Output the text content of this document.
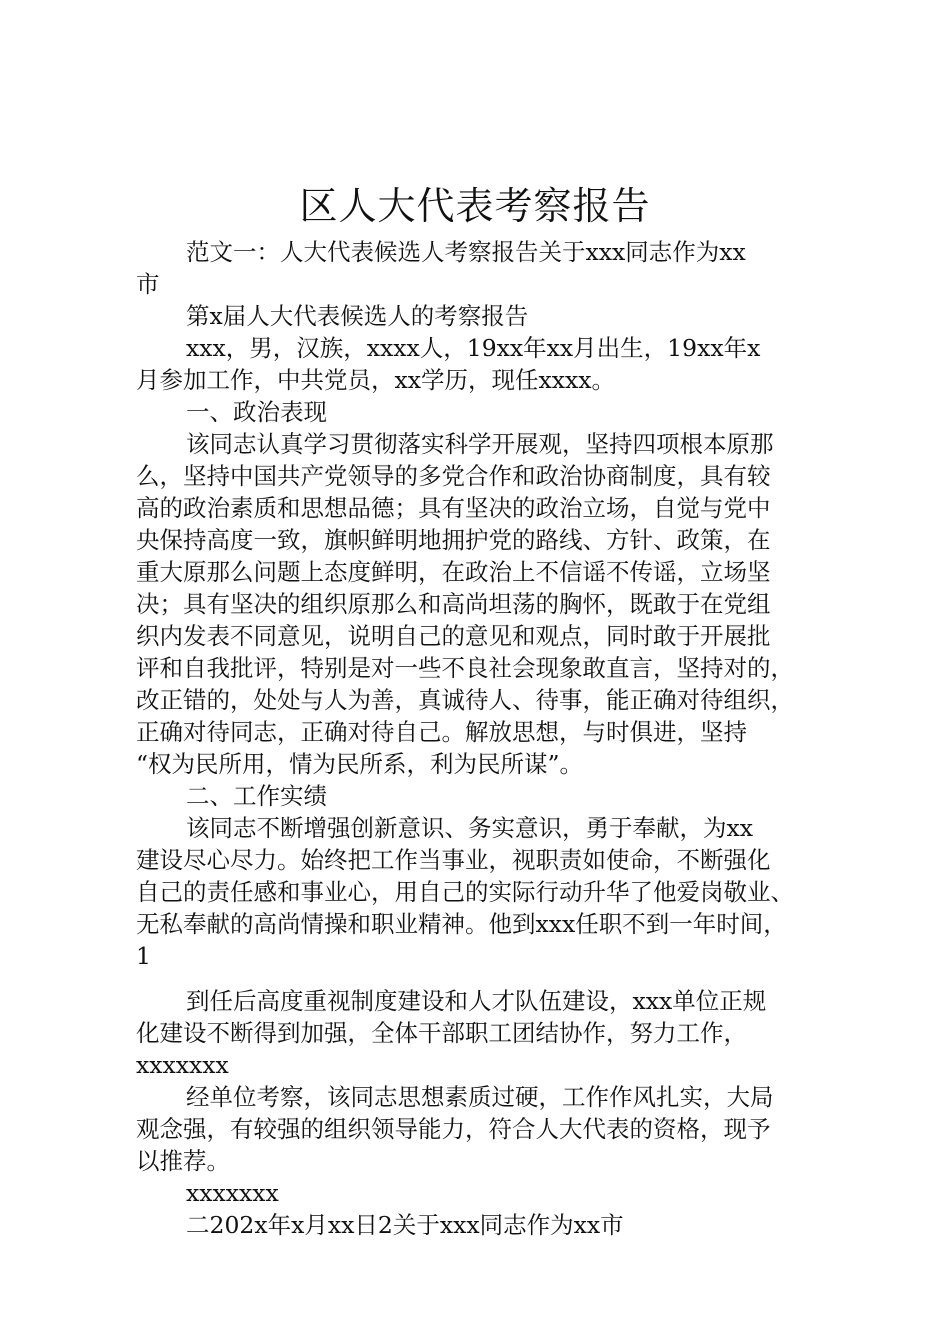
区人大代表考察报告
范文一：人大代表候选人考察报告关于xxx同志作为xx
市
第x届人大代表候选人的考察报告
xxx，男，汉族，xxxx人，19xx年xx月出生，19xx年x
月参加工作，中共党员，xx学历，现任xxxx。
一、政治表现
该同志认真学习贯彻落实科学开展观，坚持四项根本原那
么，坚持中国共产党领导的多党合作和政治协商制度，具有较
高的政治素质和思想品德；具有坚决的政治立场，自觉与党中
央保持高度一致，旗帜鲜明地拥护党的路线、方针、政策，在
重大原那么问题上态度鲜明，在政治上不信谣不传谣，立场坚
决；具有坚决的组织原那么和高尚坦荡的胸怀，既敢于在党组
织内发表不同意见，说明自己的意见和观点，同时敢于开展批
评和自我批评，特别是对一些不良社会现象敢直言，坚持对的，
改正错的，处处与人为善，真诚待人、待事，能正确对待组织，
正确对待同志，正确对待自己。解放思想，与时俱进，坚持
“权为民所用，情为民所系，利为民所谋”。
二、工作实绩
该同志不断增强创新意识、务实意识，勇于奉献，为xx
建设尽心尽力。始终把工作当事业，视职责如使命，不断强化
自己的责任感和事业心，用自己的实际行动升华了他爱岗敬业、
无私奉献的高尚情操和职业精神。他到xxx任职不到一年时间，
1
到任后高度重视制度建设和人才队伍建设，xxx单位正规
化建设不断得到加强，全体干部职工团结协作，努力工作，
xxxxxxx
经单位考察，该同志思想素质过硬，工作作风扎实，大局
观念强，有较强的组织领导能力，符合人大代表的资格，现予
以推荐。
xxxxxxx
二202x年x月xx日2关于xxx同志作为xx市
